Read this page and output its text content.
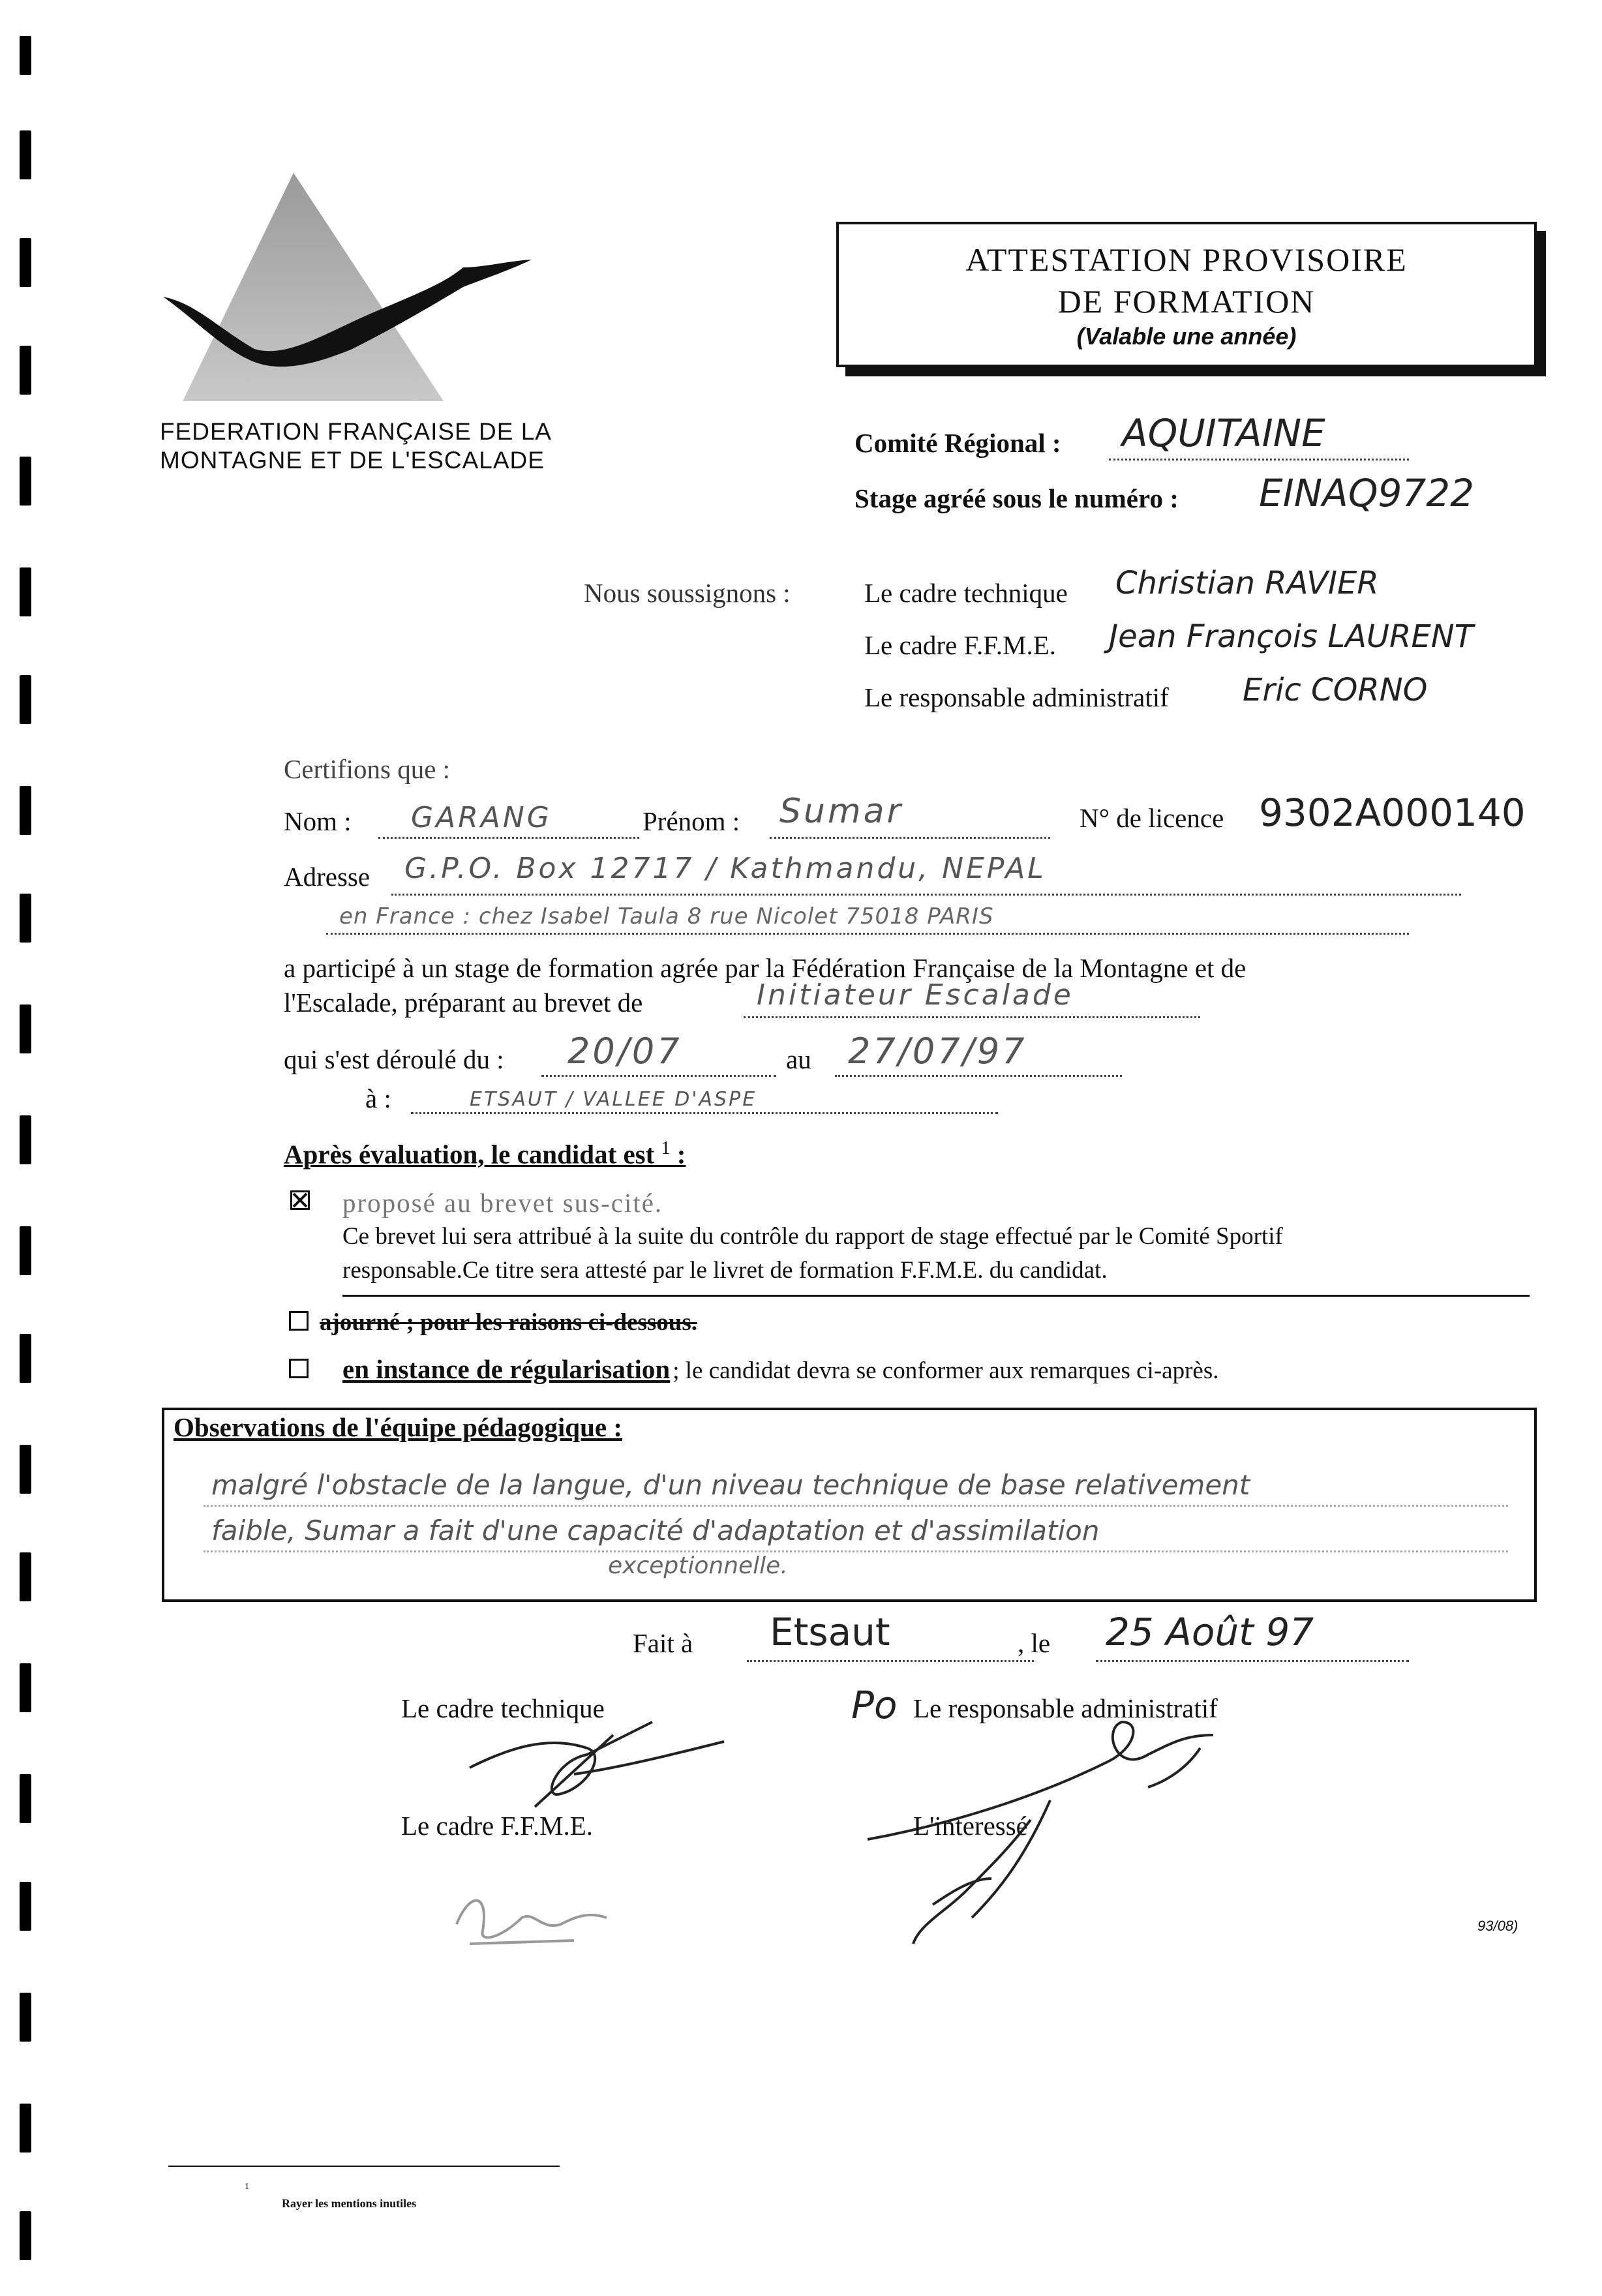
FEDERATION FRANÇAISE DE LA
MONTAGNE ET DE L'ESCALADE
ATTESTATION PROVISOIRE
DE FORMATION
(Valable une année)
Comité Régional : AQUITAINE
Stage agréé sous le numéro : EINAQ9722
Nous soussignons :	Le cadre technique Christian RAVIER
Le cadre F.F.M.E. Jean François LAURENT
Le responsable administratif Eric CORNO
Certifions que :
Nom : GARANG	Prénom : Sumar	N° de licence 9302A000140
Adresse G.P.O. Box 12717 / Kathmandu, NEPAL
en France : chez Isabel Taula 8 rue Nicolet 75018 PARIS
a participé à un stage de formation agrée par la Fédération Française de la Montagne et de
l'Escalade, préparant au brevet de	Initiateur Escalade
qui s'est déroulé du : 20/07	au 27/07/97
à :	ETSAUT / VALLEE D'ASPE
Après évaluation, le candidat est $^1$ :
proposé au brevet sus-cité.
Ce brevet lui sera attribué à la suite du contrôle du rapport de stage effectué par le Comité Sportif
responsable.Ce titre sera attesté par le livret de formation F.F.M.E. du candidat.
ajourné ; pour les raisons ci-dessous.
en instance de régularisation ; le candidat devra se conformer aux remarques ci-après.
Observations de l'équipe pédagogique :
malgré l'obstacle de la langue, d'un niveau technique de base relativement
faible, Sumar a fait d'une capacité d'adaptation et d'assimilation
exceptionnelle.
Fait à Etsaut	, le 25 Août 97
Le cadre technique	Po Le responsable administratif
Le cadre F.F.M.E.	L'interessé
93/08)
1
Rayer les mentions inutiles
